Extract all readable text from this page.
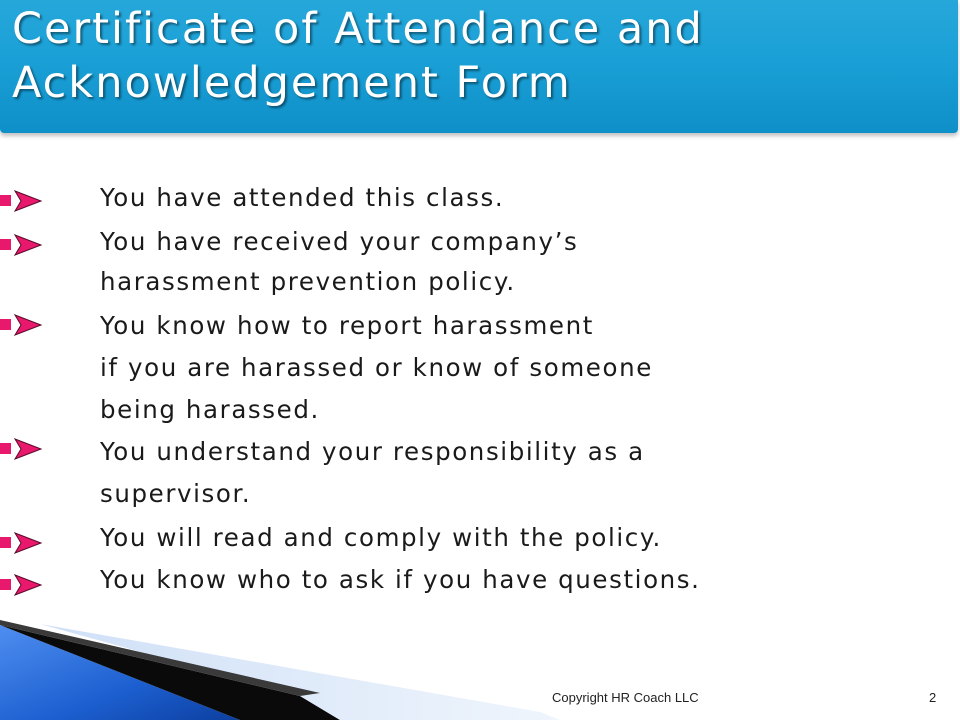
Certificate of Attendance and
Acknowledgement Form
You have attended this class.
You have received your company’s
harassment prevention policy.
You know how to report harassment
if you are harassed or know of someone
being harassed.
You understand your responsibility as a
supervisor.
You will read and comply with the policy.
You know who to ask if you have questions.
Copyright HR Coach LLC	2
